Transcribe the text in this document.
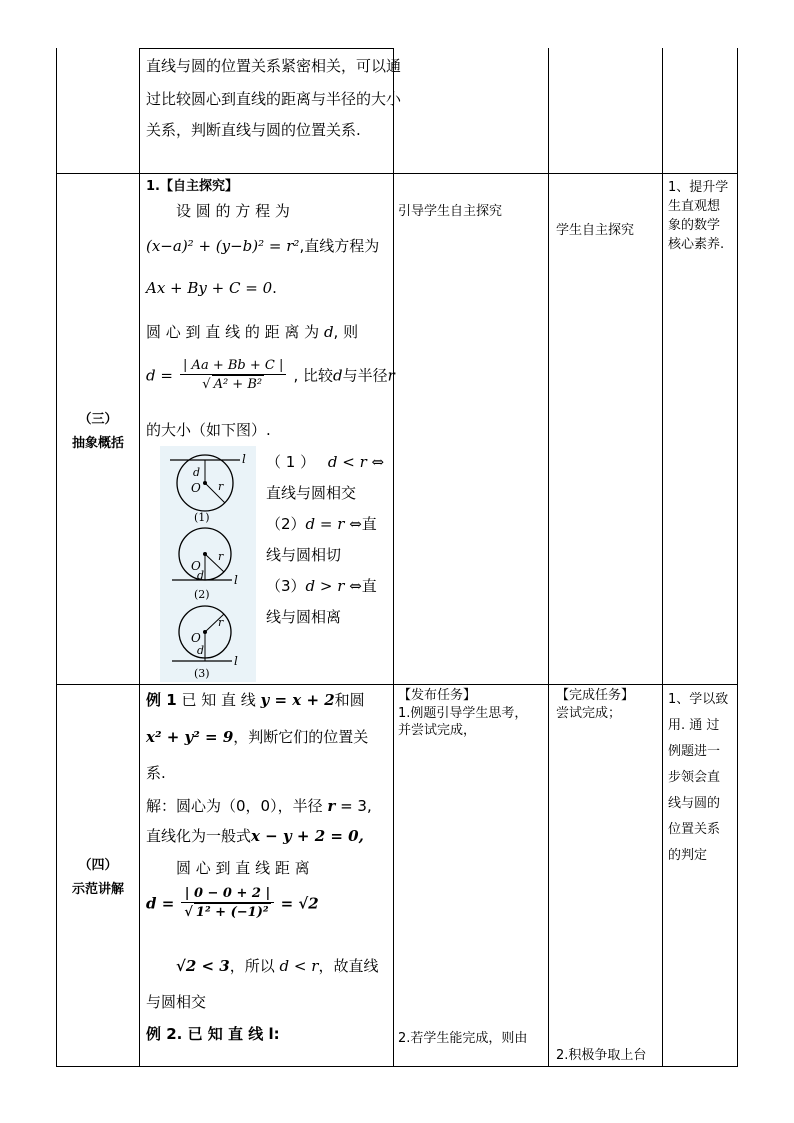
直线与圆的位置关系紧密相关，可以通
过比较圆心到直线的距离与半径的大小
关系，判断直线与圆的位置关系.
（三）
抽象概括
1.【自主探究】
设 圆 的 方 程 为
(x−a)² + (y−b)² = r²,直线方程为
Ax + By + C = 0.
圆 心 到 直 线 的 距 离 为 d, 则
$d = \frac{| Aa + Bb + C |}{\text{√ A² + B²}}$ , 比较d与半径r
的大小（如下图）.
l
d
O r
(1)
l
O
d
r
(2)
l
O
d
r
(3)
（ 1 ） d < r ⇔
直线与圆相交
（2）d = r ⇔直
线与圆相切
（3）d > r ⇔直
线与圆相离
引导学生自主探究
学生自主探究
1、提升学
生直观想
象的数学
核心素养.
（四）
示范讲解
例 1 已 知 直 线 y = x + 2和圆
x² + y² = 9，判断它们的位置关
系.
解：圆心为（0，0），半径 r = 3,
直线化为一般式x − y + 2 = 0,
圆 心 到 直 线 距 离
$d = \frac{| 0 - 0 + 2 |}{\text{√ 1² + (−1)²}} = √2$
√2 < 3，所以 d < r，故直线
与圆相交
例 2. 已 知 直 线 l:
【发布任务】
1.例题引导学生思考，
并尝试完成，
2.若学生能完成，则由
【完成任务】
尝试完成；
2.积极争取上台
1、学以致
用. 通 过
例题进一
步领会直
线与圆的
位置关系
的判定
